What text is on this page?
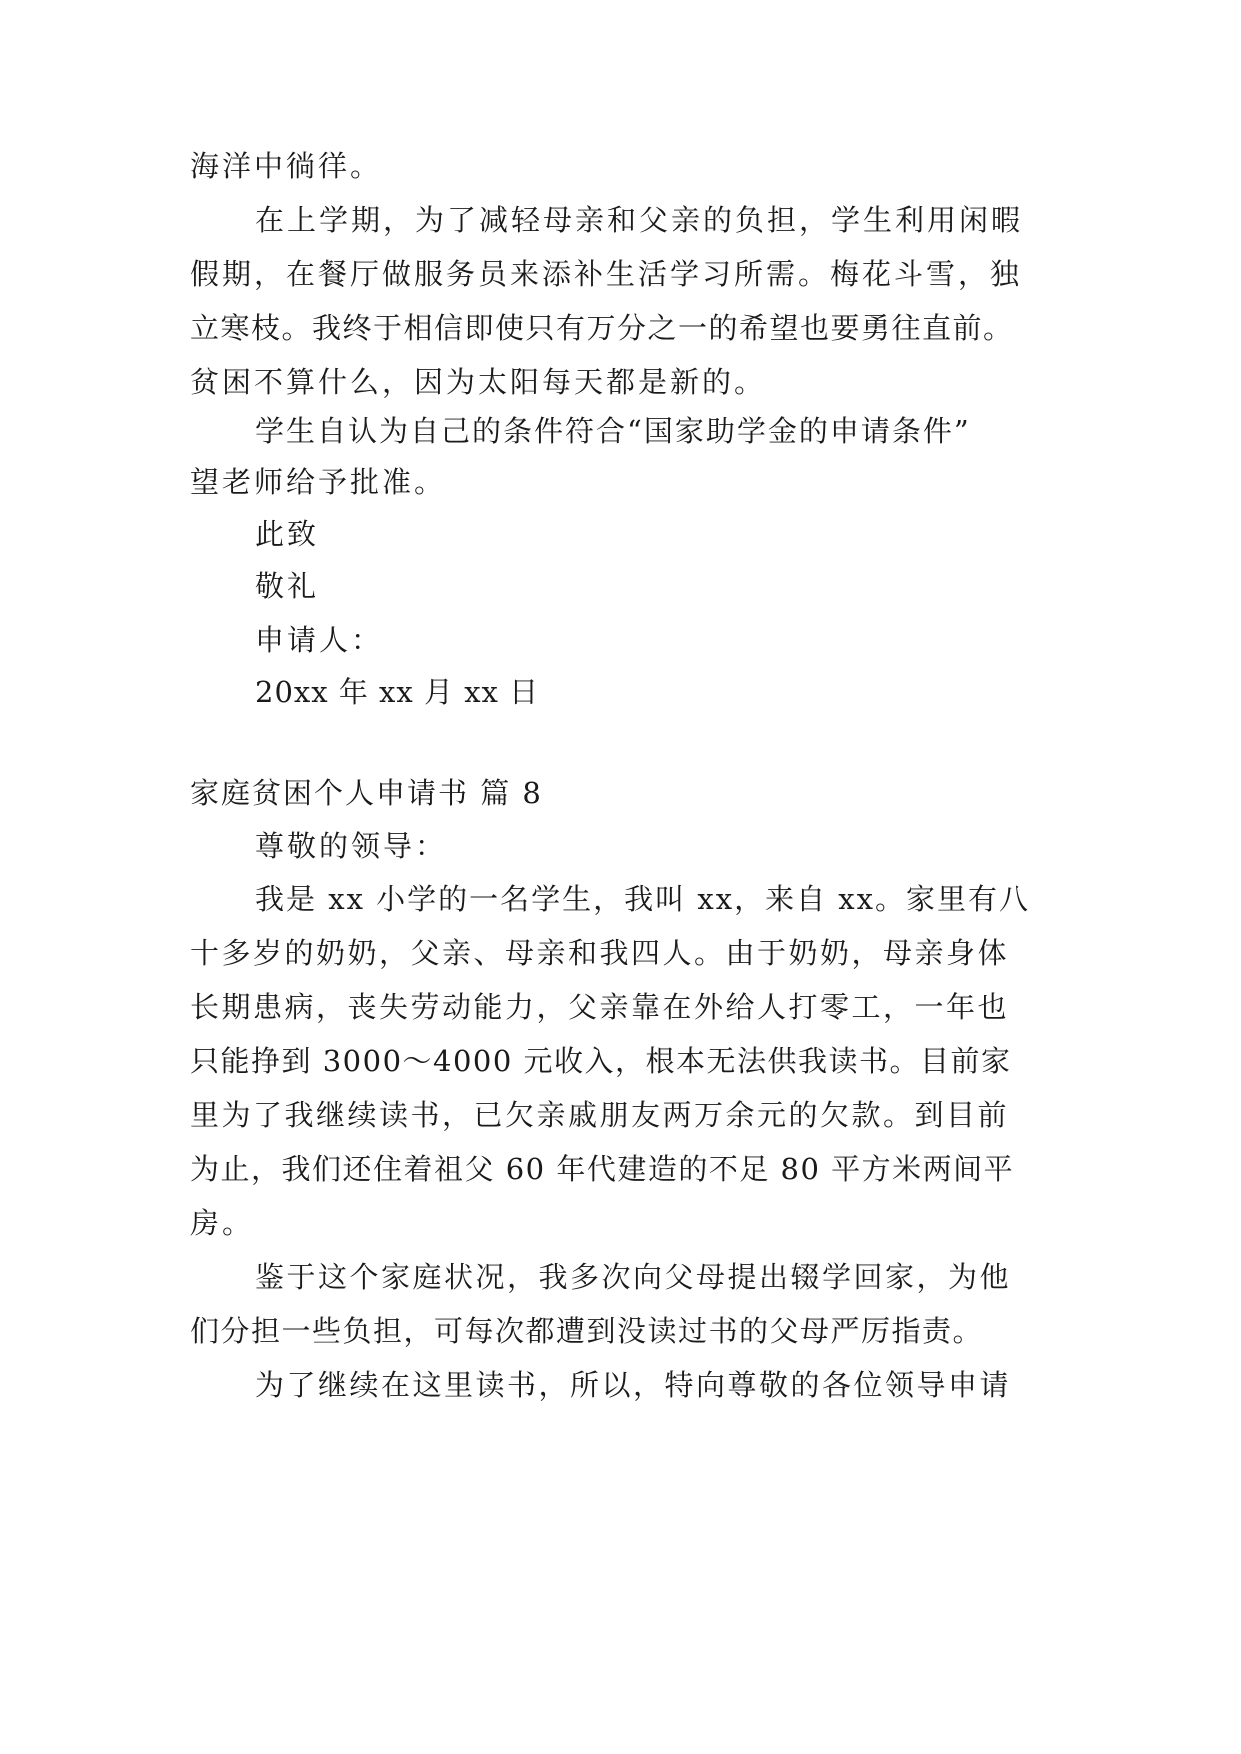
海洋中徜徉。
在上学期，为了减轻母亲和父亲的负担，学生利用闲暇
假期，在餐厅做服务员来添补生活学习所需。梅花斗雪，独
立寒枝。我终于相信即使只有万分之一的希望也要勇往直前。
贫困不算什么，因为太阳每天都是新的。
学生自认为自己的条件符合“国家助学金的申请条件”
望老师给予批准。
此致
敬礼
申请人：
20xx 年 xx 月 xx 日
家庭贫困个人申请书 篇 8
尊敬的领导：
我是 xx 小学的一名学生，我叫 xx，来自 xx。家里有八
十多岁的奶奶，父亲、母亲和我四人。由于奶奶，母亲身体
长期患病，丧失劳动能力，父亲靠在外给人打零工，一年也
只能挣到 3000～4000 元收入，根本无法供我读书。目前家
里为了我继续读书，已欠亲戚朋友两万余元的欠款。到目前
为止，我们还住着祖父 60 年代建造的不足 80 平方米两间平
房。
鉴于这个家庭状况，我多次向父母提出辍学回家，为他
们分担一些负担，可每次都遭到没读过书的父母严厉指责。
为了继续在这里读书，所以，特向尊敬的各位领导申请
